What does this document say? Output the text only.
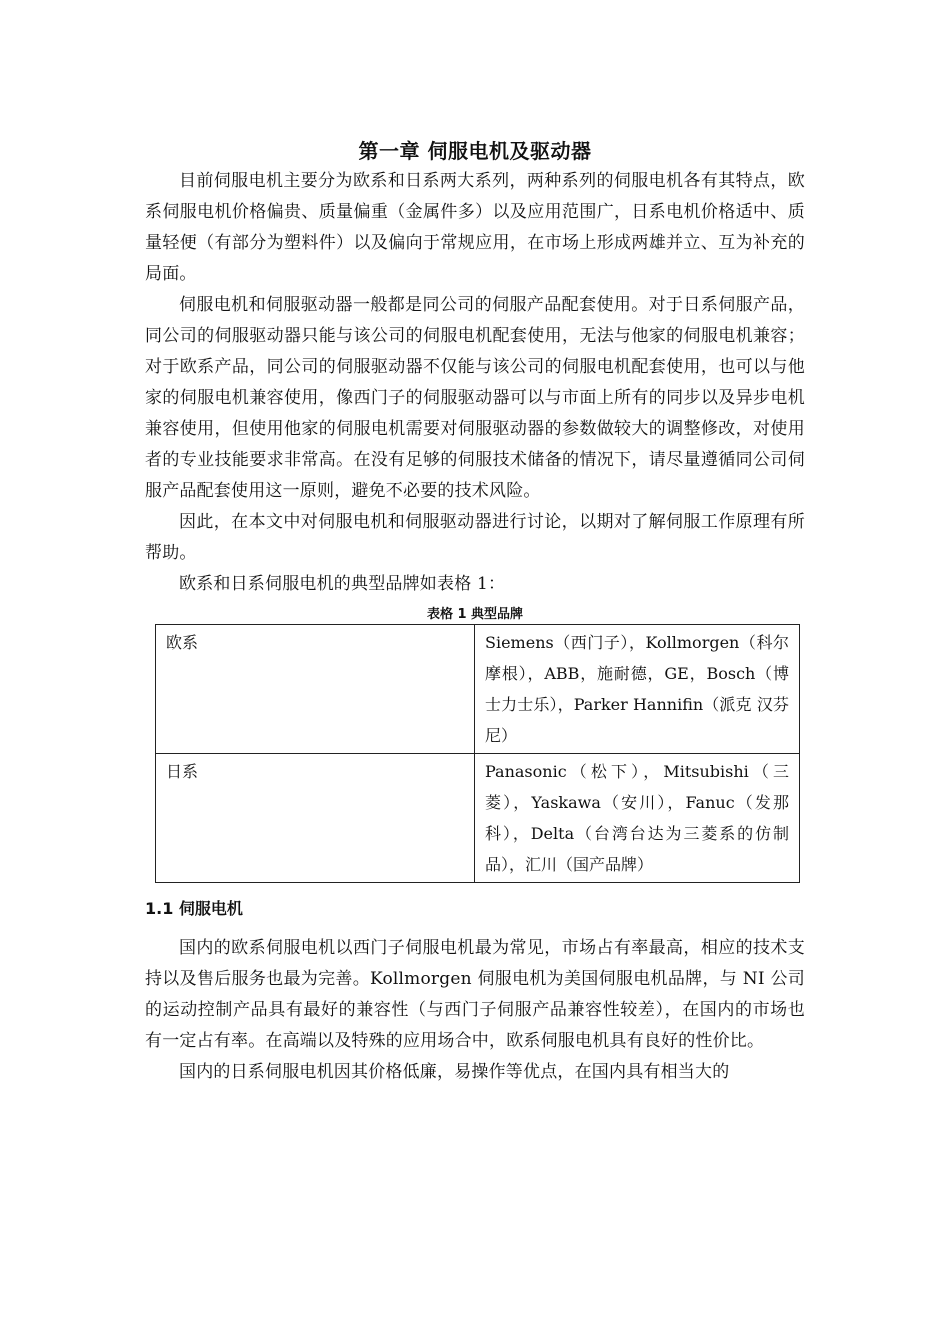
第一章 伺服电机及驱动器

目前伺服电机主要分为欧系和日系两大系列，两种系列的伺服电机各有其特点，欧系伺服电机价格偏贵、质量偏重（金属件多）以及应用范围广，日系电机价格适中、质量轻便（有部分为塑料件）以及偏向于常规应用，在市场上形成两雄并立、互为补充的局面。

伺服电机和伺服驱动器一般都是同公司的伺服产品配套使用。对于日系伺服产品，同公司的伺服驱动器只能与该公司的伺服电机配套使用，无法与他家的伺服电机兼容；对于欧系产品，同公司的伺服驱动器不仅能与该公司的伺服电机配套使用，也可以与他家的伺服电机兼容使用，像西门子的伺服驱动器可以与市面上所有的同步以及异步电机兼容使用，但使用他家的伺服电机需要对伺服驱动器的参数做较大的调整修改，对使用者的专业技能要求非常高。在没有足够的伺服技术储备的情况下，请尽量遵循同公司伺服产品配套使用这一原则，避免不必要的技术风险。

因此，在本文中对伺服电机和伺服驱动器进行讨论，以期对了解伺服工作原理有所帮助。

欧系和日系伺服电机的典型品牌如表格 1：

表格 1 典型品牌
欧系	Siemens（西门子），Kollmorgen（科尔摩根），ABB，施耐德，GE，Bosch（博士力士乐），Parker Hannifin（派克 汉芬尼）
日系	Panasonic（松下），Mitsubishi（三菱），Yaskawa（安川），Fanuc（发那科），Delta（台湾台达为三菱系的仿制品），汇川（国产品牌）
1.1 伺服电机

国内的欧系伺服电机以西门子伺服电机最为常见，市场占有率最高，相应的技术支持以及售后服务也最为完善。Kollmorgen 伺服电机为美国伺服电机品牌，与 NI 公司的运动控制产品具有最好的兼容性（与西门子伺服产品兼容性较差），在国内的市场也有一定占有率。在高端以及特殊的应用场合中，欧系伺服电机具有良好的性价比。

国内的日系伺服电机因其价格低廉，易操作等优点，在国内具有相当大的
